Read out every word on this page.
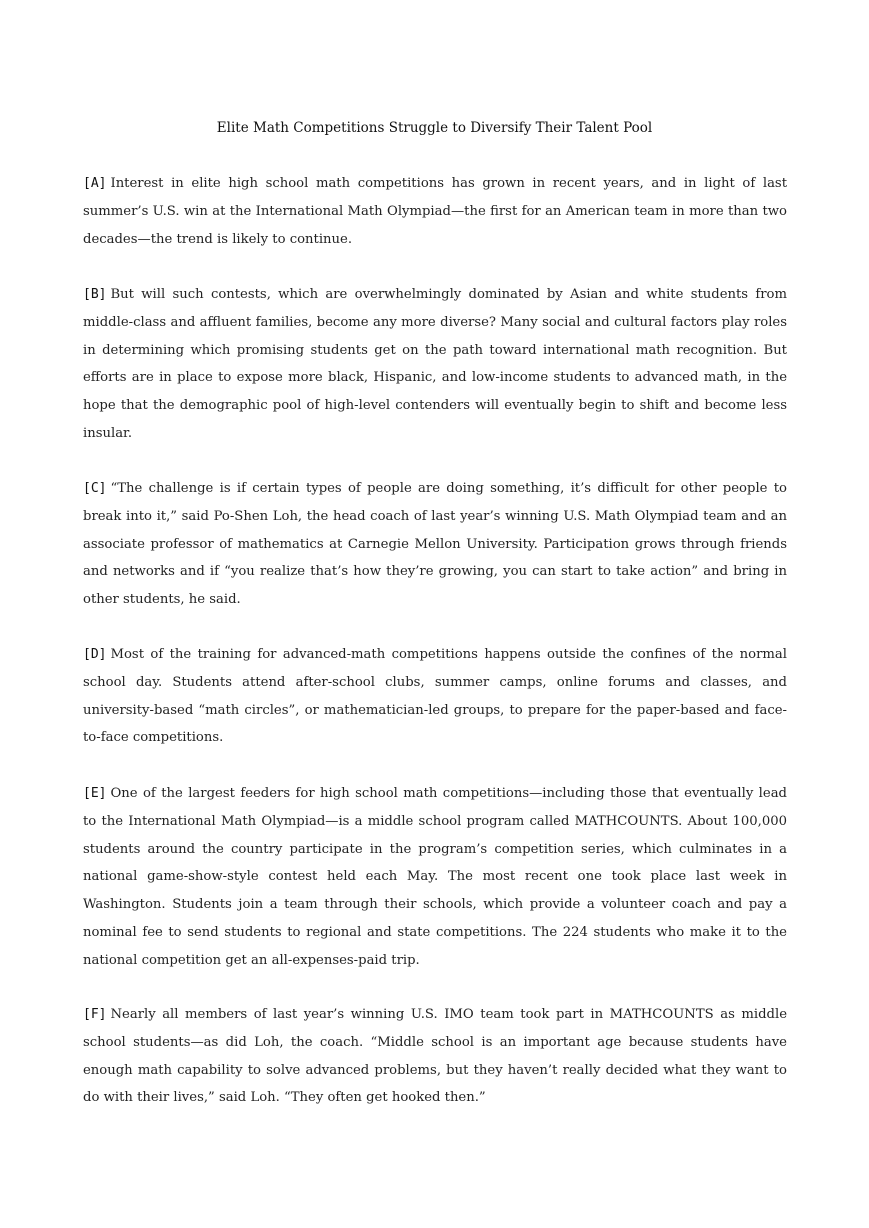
Elite Math Competitions Struggle to Diversify Their Talent Pool

[A] Interest in elite high school math competitions has grown in recent years, and in light of last summer’s U.S. win at the International Math Olympiad—the first for an American team in more than two decades—the trend is likely to continue.

[B] But will such contests, which are overwhelmingly dominated by Asian and white students from middle-class and affluent families, become any more diverse? Many social and cultural factors play roles in determining which promising students get on the path toward international math recognition. But efforts are in place to expose more black, Hispanic, and low-income students to advanced math, in the hope that the demographic pool of high-level contenders will eventually begin to shift and become less insular.

[C] “The challenge is if certain types of people are doing something, it’s difficult for other people to break into it,” said Po-Shen Loh, the head coach of last year’s winning U.S. Math Olympiad team and an associate professor of mathematics at Carnegie Mellon University. Participation grows through friends and networks and if “you realize that’s how they’re growing, you can start to take action” and bring in other students, he said.

[D] Most of the training for advanced-math competitions happens outside the confines of the normal school day. Students attend after-school clubs, summer camps, online forums and classes, and university-based “math circles”, or mathematician-led groups, to prepare for the paper-based and face-to-face competitions.

[E] One of the largest feeders for high school math competitions—including those that eventually lead to the International Math Olympiad—is a middle school program called MATHCOUNTS. About 100,000 students around the country participate in the program’s competition series, which culminates in a national game-show-style contest held each May. The most recent one took place last week in Washington. Students join a team through their schools, which provide a volunteer coach and pay a nominal fee to send students to regional and state competitions. The 224 students who make it to the national competition get an all-expenses-paid trip.

[F] Nearly all members of last year’s winning U.S. IMO team took part in MATHCOUNTS as middle school students—as did Loh, the coach. “Middle school is an important age because students have enough math capability to solve advanced problems, but they haven’t really decided what they want to do with their lives,” said Loh. “They often get hooked then.”
